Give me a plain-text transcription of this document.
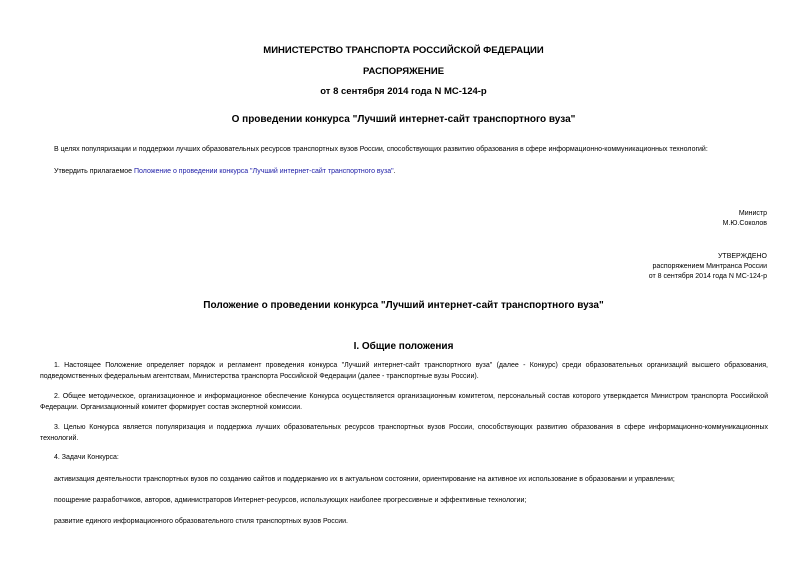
МИНИСТЕРСТВО ТРАНСПОРТА РОССИЙСКОЙ ФЕДЕРАЦИИ
РАСПОРЯЖЕНИЕ
от 8 сентября 2014 года N МС-124-р
О проведении конкурса "Лучший интернет-сайт транспортного вуза"
В целях популяризации и поддержки лучших образовательных ресурсов транспортных вузов России, способствующих развитию образования в сфере информационно-коммуникационных технологий:
Утвердить прилагаемое Положение о проведении конкурса "Лучший интернет-сайт транспортного вуза".
Министр
М.Ю.Соколов
УТВЕРЖДЕНО
распоряжением Минтранса России
от 8 сентября 2014 года N МС-124-р
Положение о проведении конкурса "Лучший интернет-сайт транспортного вуза"
I. Общие положения
1. Настоящее Положение определяет порядок и регламент проведения конкурса "Лучший интернет-сайт транспортного вуза" (далее - Конкурс) среди образовательных организаций высшего образования, подведомственных федеральным агентствам, Министерства транспорта Российской Федерации (далее - транспортные вузы России).
2. Общее методическое, организационное и информационное обеспечение Конкурса осуществляется организационным комитетом, персональный состав которого утверждается Министром транспорта Российской Федерации. Организационный комитет формирует состав экспертной комиссии.
3. Целью Конкурса является популяризация и поддержка лучших образовательных ресурсов транспортных вузов России, способствующих развитию образования в сфере информационно-коммуникационных технологий.
4. Задачи Конкурса:
активизация деятельности транспортных вузов по созданию сайтов и поддержанию их в актуальном состоянии, ориентирование на активное их использование в образовании и управлении;
поощрение разработчиков, авторов, администраторов Интернет-ресурсов, использующих наиболее прогрессивные и эффективные технологии;
развитие единого информационного образовательного стиля транспортных вузов России.
